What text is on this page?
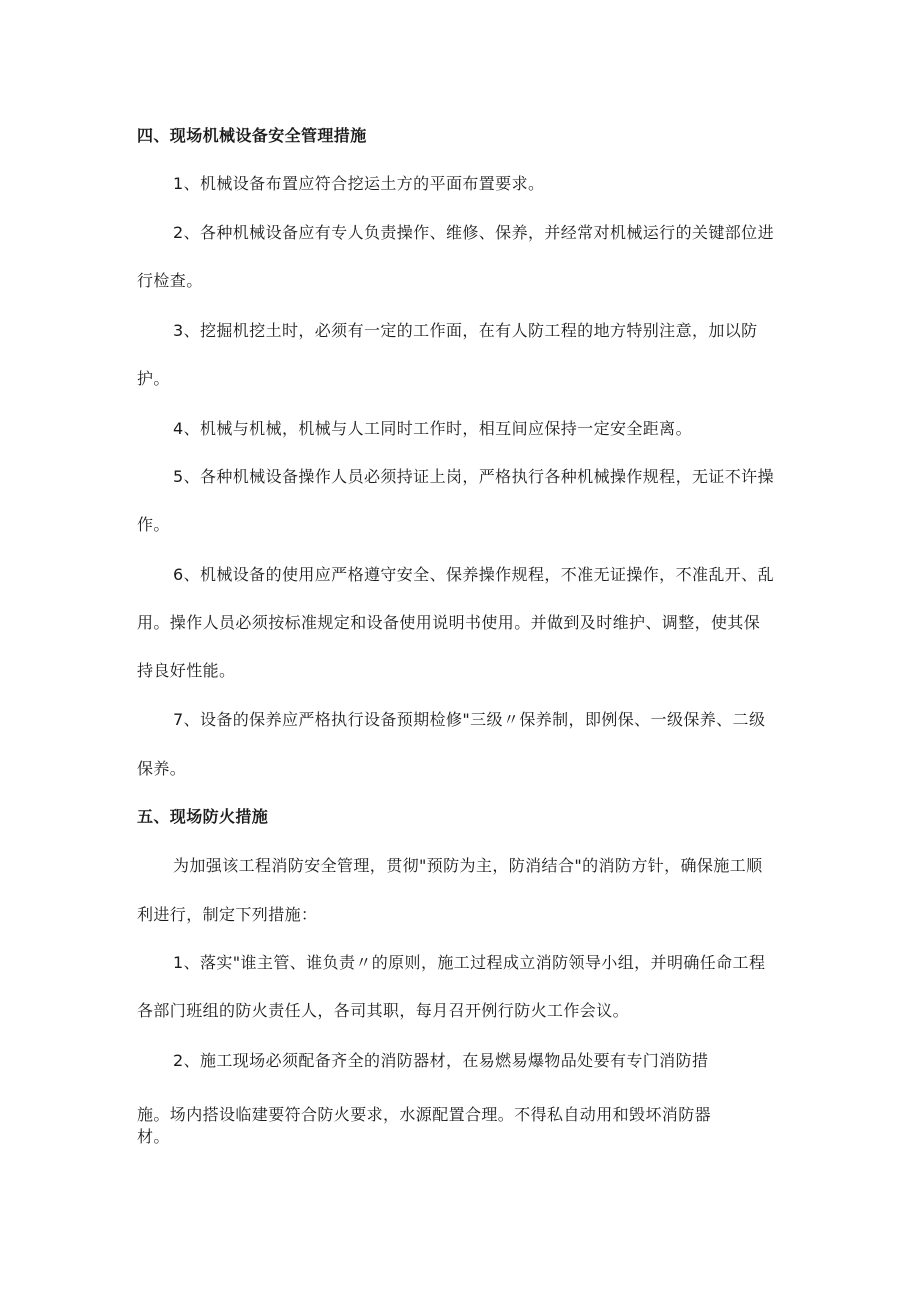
四、现场机械设备安全管理措施
1、机械设备布置应符合挖运土方的平面布置要求。
2、各种机械设备应有专人负责操作、维修、保养，并经常对机械运行的关键部位进
行检查。
3、挖掘机挖土时，必须有一定的工作面，在有人防工程的地方特别注意，加以防
护。
4、机械与机械，机械与人工同时工作时，相互间应保持一定安全距离。
5、各种机械设备操作人员必须持证上岗，严格执行各种机械操作规程，无证不许操
作。
6、机械设备的使用应严格遵守安全、保养操作规程，不准无证操作，不准乱开、乱
用。操作人员必须按标准规定和设备使用说明书使用。并做到及时维护、调整，使其保
持良好性能。
7、设备的保养应严格执行设备预期检修"三级〃保养制，即例保、一级保养、二级
保养。
五、现场防火措施
为加强该工程消防安全管理，贯彻"预防为主，防消结合"的消防方针，确保施工顺
利进行，制定下列措施：
1、落实"谁主管、谁负责〃的原则，施工过程成立消防领导小组，并明确任命工程
各部门班组的防火责任人，各司其职，每月召开例行防火工作会议。
2、施工现场必须配备齐全的消防器材，在易燃易爆物品处要有专门消防措
施。场内搭设临建要符合防火要求，水源配置合理。不得私自动用和毁坏消防器
材。
